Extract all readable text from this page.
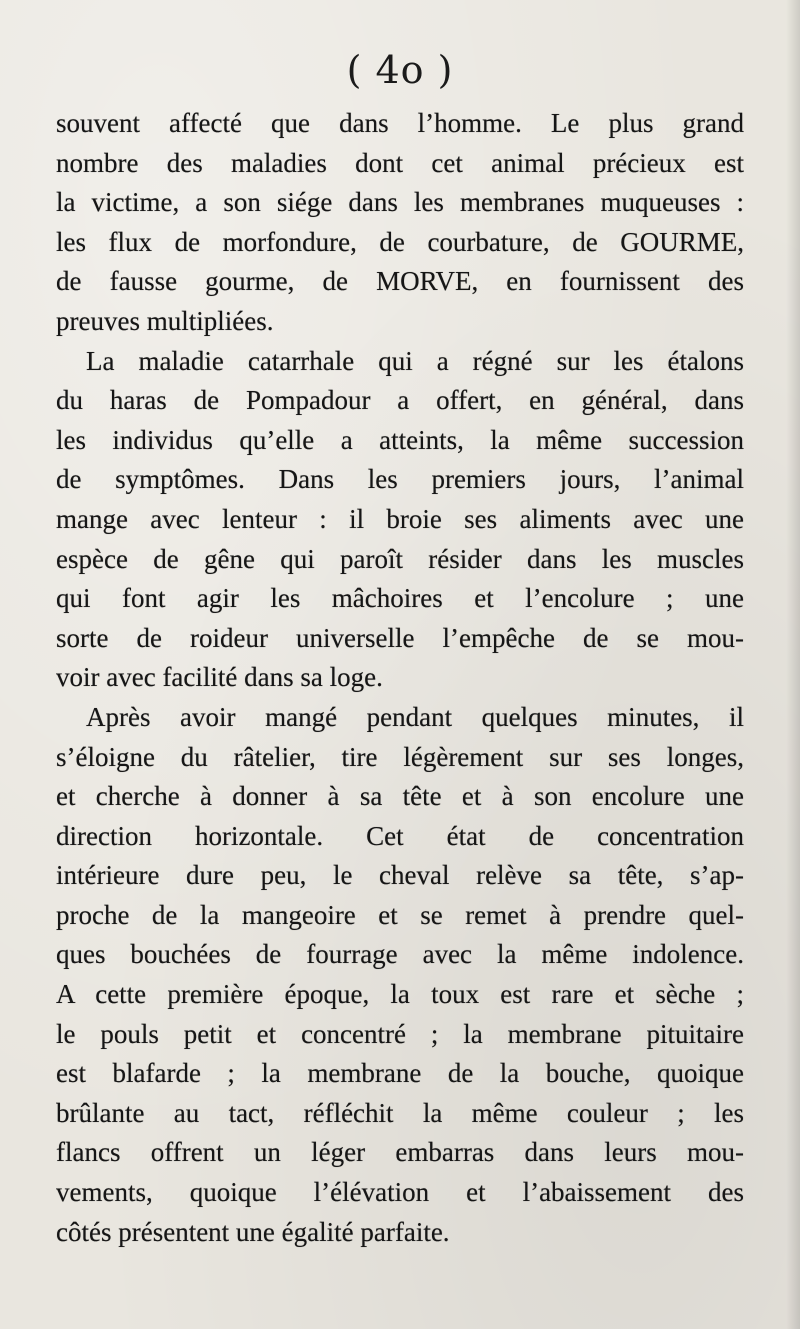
( 4o )
souvent affecté que dans l’homme. Le plus grand
nombre des maladies dont cet animal précieux est
la victime, a son siége dans les membranes muqueuses :
les flux de morfondure, de courbature, de GOURME,
de fausse gourme, de MORVE, en fournissent des
preuves multipliées.
La maladie catarrhale qui a régné sur les étalons
du haras de Pompadour a offert, en général, dans
les individus qu’elle a atteints, la même succession
de symptômes. Dans les premiers jours, l’animal
mange avec lenteur : il broie ses aliments avec une
espèce de gêne qui paroît résider dans les muscles
qui font agir les mâchoires et l’encolure ; une
sorte de roideur universelle l’empêche de se mou-
voir avec facilité dans sa loge.
Après avoir mangé pendant quelques minutes, il
s’éloigne du râtelier, tire légèrement sur ses longes,
et cherche à donner à sa tête et à son encolure une
direction horizontale. Cet état de concentration
intérieure dure peu, le cheval relève sa tête, s’ap-
proche de la mangeoire et se remet à prendre quel-
ques bouchées de fourrage avec la même indolence.
A cette première époque, la toux est rare et sèche ;
le pouls petit et concentré ; la membrane pituitaire
est blafarde ; la membrane de la bouche, quoique
brûlante au tact, réfléchit la même couleur ; les
flancs offrent un léger embarras dans leurs mou-
vements, quoique l’élévation et l’abaissement des
côtés présentent une égalité parfaite.
